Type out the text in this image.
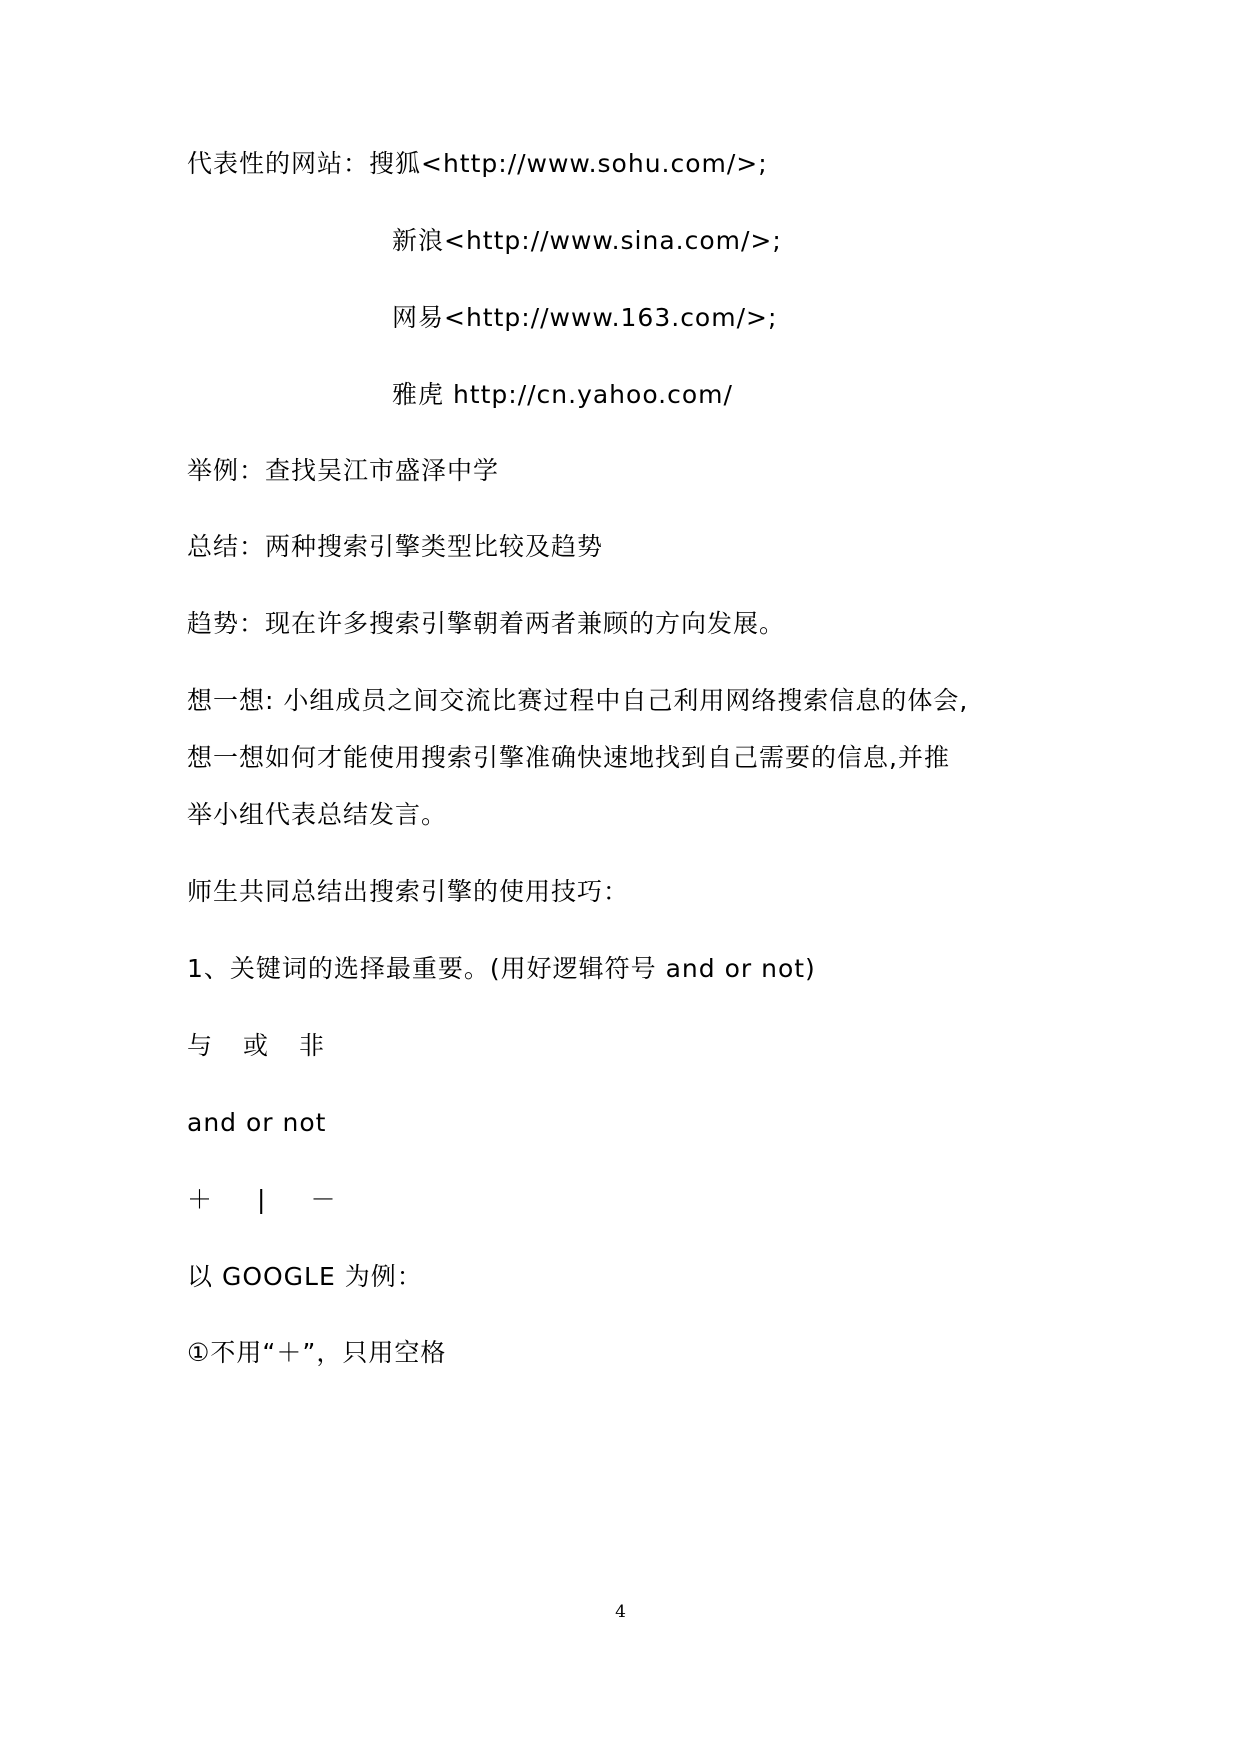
代表性的网站：搜狐<http://www.sohu.com/>;
新浪<http://www.sina.com/>;
网易<http://www.163.com/>;
雅虎 http://cn.yahoo.com/
举例：查找吴江市盛泽中学
总结：两种搜索引擎类型比较及趋势
趋势：现在许多搜索引擎朝着两者兼顾的方向发展。
想一想: 小组成员之间交流比赛过程中自己利用网络搜索信息的体会,
想一想如何才能使用搜索引擎准确快速地找到自己需要的信息,并推
举小组代表总结发言。
师生共同总结出搜索引擎的使用技巧：
1、关键词的选择最重要。(用好逻辑符号 and or not)
与 或 非
and or not
＋ | －
以 GOOGLE 为例：
①不用“＋”，只用空格
4
